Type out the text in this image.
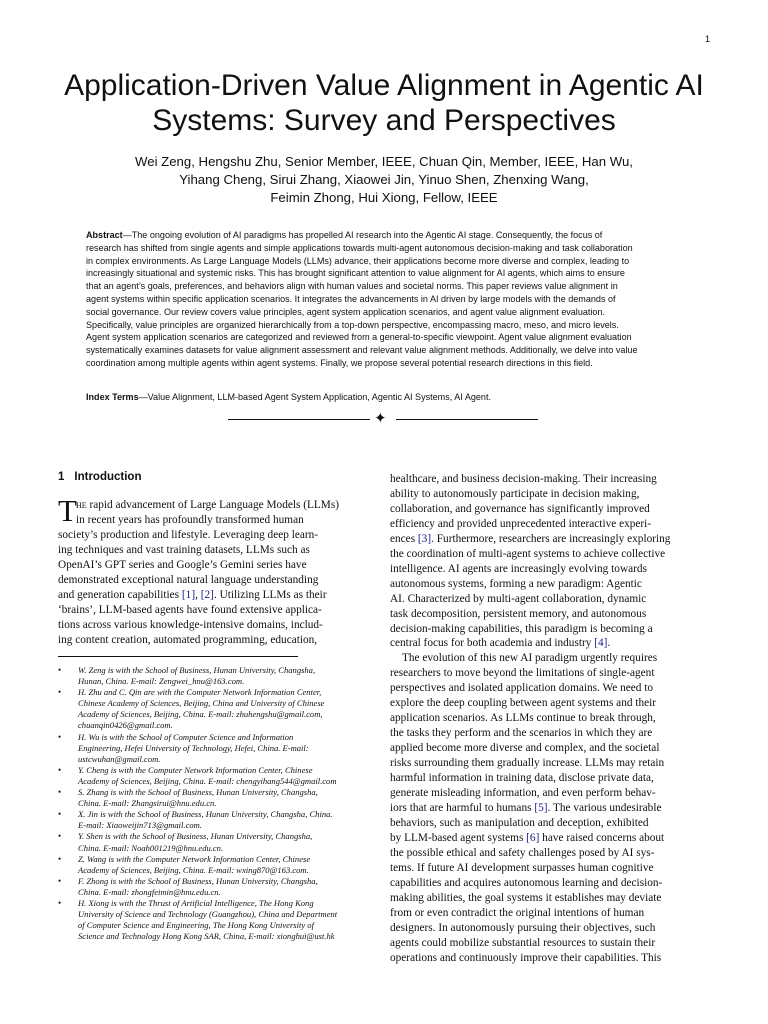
1
Application-Driven Value Alignment in Agentic AI
Systems: Survey and Perspectives
Wei Zeng, Hengshu Zhu, Senior Member, IEEE, Chuan Qin, Member, IEEE, Han Wu,
Yihang Cheng, Sirui Zhang, Xiaowei Jin, Yinuo Shen, Zhenxing Wang,
Feimin Zhong, Hui Xiong, Fellow, IEEE
Abstract—The ongoing evolution of AI paradigms has propelled AI research into the Agentic AI stage. Consequently, the focus of
research has shifted from single agents and simple applications towards multi-agent autonomous decision-making and task collaboration
in complex environments. As Large Language Models (LLMs) advance, their applications become more diverse and complex, leading to
increasingly situational and systemic risks. This has brought significant attention to value alignment for AI agents, which aims to ensure
that an agent’s goals, preferences, and behaviors align with human values and societal norms. This paper reviews value alignment in
agent systems within specific application scenarios. It integrates the advancements in AI driven by large models with the demands of
social governance. Our review covers value principles, agent system application scenarios, and agent value alignment evaluation.
Specifically, value principles are organized hierarchically from a top-down perspective, encompassing macro, meso, and micro levels.
Agent system application scenarios are categorized and reviewed from a general-to-specific viewpoint. Agent value alignment evaluation
systematically examines datasets for value alignment assessment and relevant value alignment methods. Additionally, we delve into value
coordination among multiple agents within agent systems. Finally, we propose several potential research directions in this field.
Index Terms—Value Alignment, LLM-based Agent System Application, Agentic AI Systems, AI Agent.
✦
1 Introduction
T he rapid advancement of Large Language Models (LLMs)
in recent years has profoundly transformed human
society’s production and lifestyle. Leveraging deep learn-
ing techniques and vast training datasets, LLMs such as
OpenAI’s GPT series and Google’s Gemini series have
demonstrated exceptional natural language understanding
and generation capabilities [1], [2]. Utilizing LLMs as their
‘brains’, LLM-based agents have found extensive applica-
tions across various knowledge-intensive domains, includ-
ing content creation, automated programming, education,
healthcare, and business decision-making. Their increasing
ability to autonomously participate in decision making,
collaboration, and governance has significantly improved
efficiency and provided unprecedented interactive experi-
ences [3]. Furthermore, researchers are increasingly exploring
the coordination of multi-agent systems to achieve collective
intelligence. AI agents are increasingly evolving towards
autonomous systems, forming a new paradigm: Agentic
AI. Characterized by multi-agent collaboration, dynamic
task decomposition, persistent memory, and autonomous
decision-making capabilities, this paradigm is becoming a
central focus for both academia and industry [4].
The evolution of this new AI paradigm urgently requires
researchers to move beyond the limitations of single-agent
perspectives and isolated application domains. We need to
explore the deep coupling between agent systems and their
application scenarios. As LLMs continue to break through,
the tasks they perform and the scenarios in which they are
applied become more diverse and complex, and the societal
risks surrounding them gradually increase. LLMs may retain
harmful information in training data, disclose private data,
generate misleading information, and even perform behav-
iors that are harmful to humans [5]. The various undesirable
behaviors, such as manipulation and deception, exhibited
by LLM-based agent systems [6] have raised concerns about
the possible ethical and safety challenges posed by AI sys-
tems. If future AI development surpasses human cognitive
capabilities and acquires autonomous learning and decision-
making abilities, the goal systems it establishes may deviate
from or even contradict the original intentions of human
designers. In autonomously pursuing their objectives, such
agents could mobilize substantial resources to sustain their
operations and continuously improve their capabilities. This
• W. Zeng is with the School of Business, Hunan University, Changsha,
Hunan, China. E-mail: Zengwei_hnu@163.com.
• H. Zhu and C. Qin are with the Computer Network Information Center,
Chinese Academy of Sciences, Beijing, China and University of Chinese
Academy of Sciences, Beijing, China. E-mail: zhuhengshu@gmail.com,
chuanqin0426@gmail.com.
• H. Wu is with the School of Computer Science and Information
Engineering, Hefei University of Technology, Hefei, China. E-mail:
ustcwuhan@gmail.com.
• Y. Cheng is with the Computer Network Information Center, Chinese
Academy of Sciences, Beijing, China. E-mail: chengyihang544@gmail.com
• S. Zhang is with the School of Business, Hunan University, Changsha,
China. E-mail: Zhangsirui@hnu.edu.cn.
• X. Jin is with the School of Business, Hunan University, Changsha, China.
E-mail: Xiaoweijin713@gmail.com.
• Y. Shen is with the School of Business, Hunan University, Changsha,
China. E-mail: Noah001219@hnu.edu.cn.
• Z. Wang is with the Computer Network Information Center, Chinese
Academy of Sciences, Beijing, China. E-mail: wxing870@163.com.
• F. Zhong is with the School of Business, Hunan University, Changsha,
China. E-mail: zhongfeimin@hnu.edu.cn.
• H. Xiong is with the Thrust of Artificial Intelligence, The Hong Kong
University of Science and Technology (Guangzhou), China and Department
of Computer Science and Engineering, The Hong Kong University of
Science and Technology Hong Kong SAR, China, E-mail: xionghui@ust.hk
